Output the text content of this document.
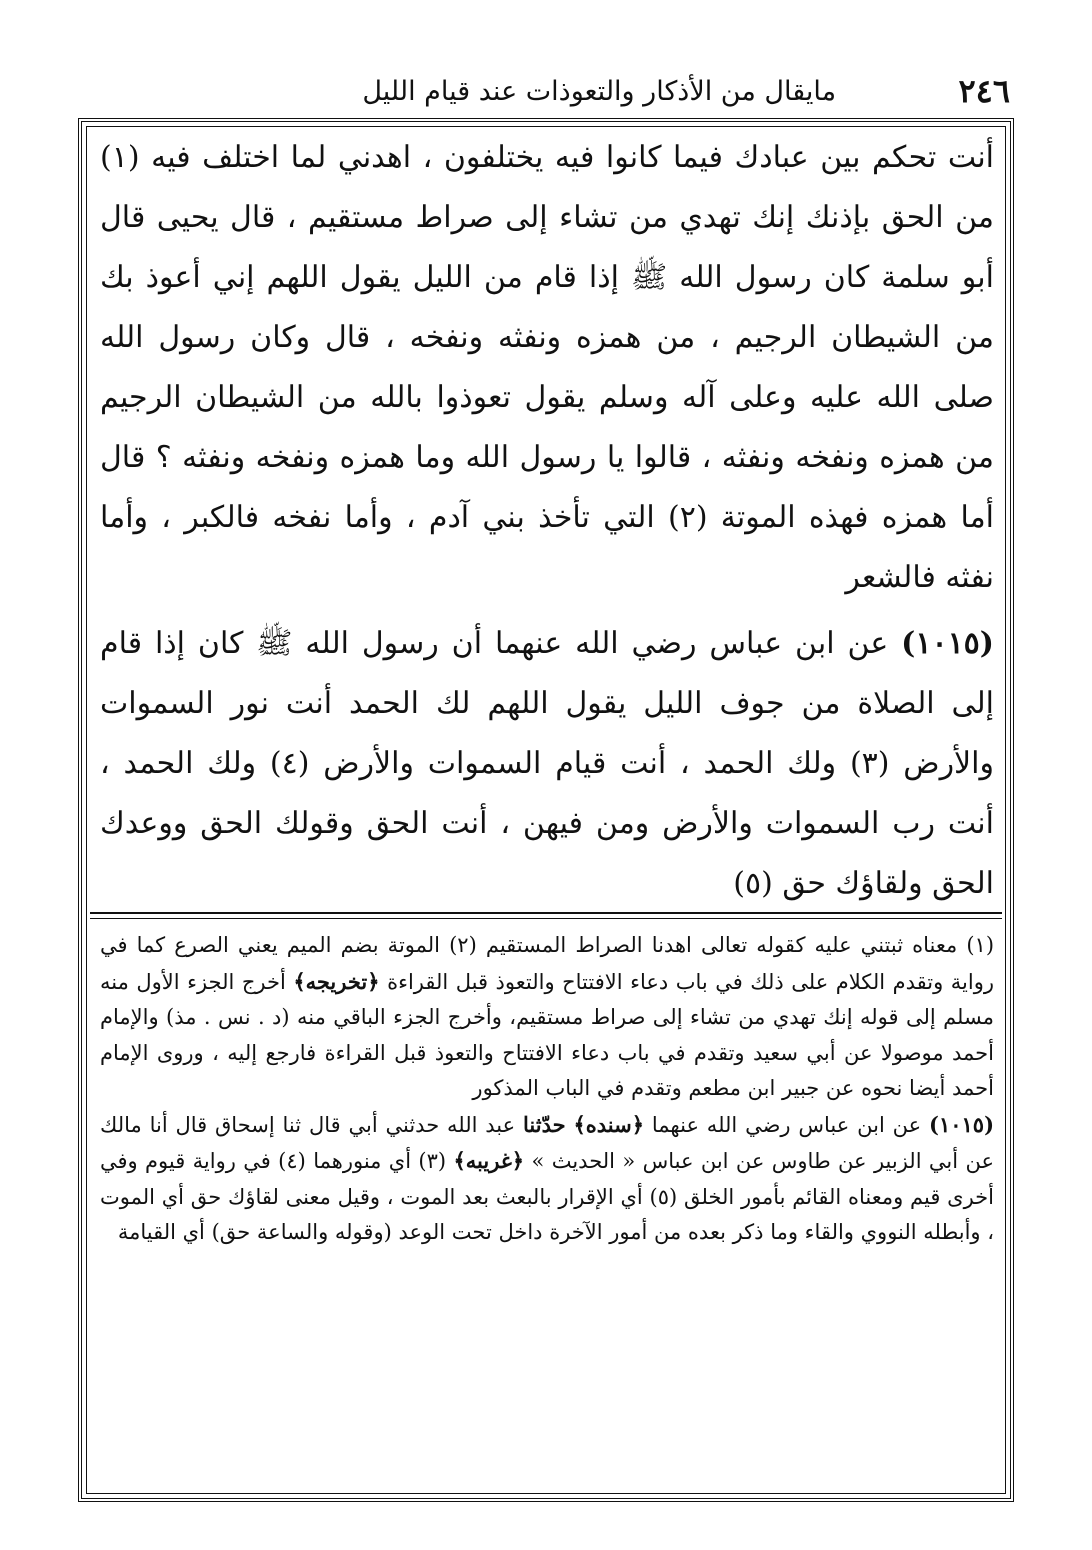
٢٤٦
مايقال من الأذكار والتعوذات عند قيام الليل

أنت تحكم بين عبادك فيما كانوا فيه يختلفون ، اهدني لما اختلف فيه (١) من الحق بإذنك إنك تهدي من تشاء إلى صراط مستقيم ، قال يحيى قال أبو سلمة كان رسول الله ﷺ إذا قام من الليل يقول اللهم إني أعوذ بك من الشيطان الرجيم ، من همزه ونفثه ونفخه ، قال وكان رسول الله صلى الله عليه وعلى آله وسلم يقول تعوذوا بالله من الشيطان الرجيم من همزه ونفخه ونفثه ، قالوا يا رسول الله وما همزه ونفخه ونفثه ؟ قال أما همزه فهذه الموتة (٢) التي تأخذ بني آدم ، وأما نفخه فالكبر ، وأما نفثه فالشعر

(١٠١٥) عن ابن عباس رضي الله عنهما أن رسول الله ﷺ كان إذا قام إلى الصلاة من جوف الليل يقول اللهم لك الحمد أنت نور السموات والأرض (٣) ولك الحمد ، أنت قيام السموات والأرض (٤) ولك الحمد ، أنت رب السموات والأرض ومن فيهن ، أنت الحق وقولك الحق ووعدك الحق ولقاؤك حق (٥)

(١) معناه ثبتني عليه كقوله تعالى اهدنا الصراط المستقيم (٢) الموتة بضم الميم يعني الصرع كما في رواية وتقدم الكلام على ذلك في باب دعاء الافتتاح والتعوذ قبل القراءة ﴿تخريجه﴾ أخرج الجزء الأول منه مسلم إلى قوله إنك تهدي من تشاء إلى صراط مستقيم، وأخرج الجزء الباقي منه (د . نس . مذ) والإمام أحمد موصولا عن أبي سعيد وتقدم في باب دعاء الافتتاح والتعوذ قبل القراءة فارجع إليه ، وروى الإمام أحمد أيضا نحوه عن جبير ابن مطعم وتقدم في الباب المذكور

(١٠١٥) عن ابن عباس رضي الله عنهما ﴿سنده﴾ حدّثنا عبد الله حدثني أبي قال ثنا إسحاق قال أنا مالك عن أبي الزبير عن طاوس عن ابن عباس « الحديث » ﴿غريبه﴾ (٣) أي منورهما (٤) في رواية قيوم وفي أخرى قيم ومعناه القائم بأمور الخلق (٥) أي الإقرار بالبعث بعد الموت ، وقيل معنى لقاؤك حق أي الموت ، وأبطله النووي والقاء وما ذكر بعده من أمور الآخرة داخل تحت الوعد (وقوله والساعة حق) أي القيامة
